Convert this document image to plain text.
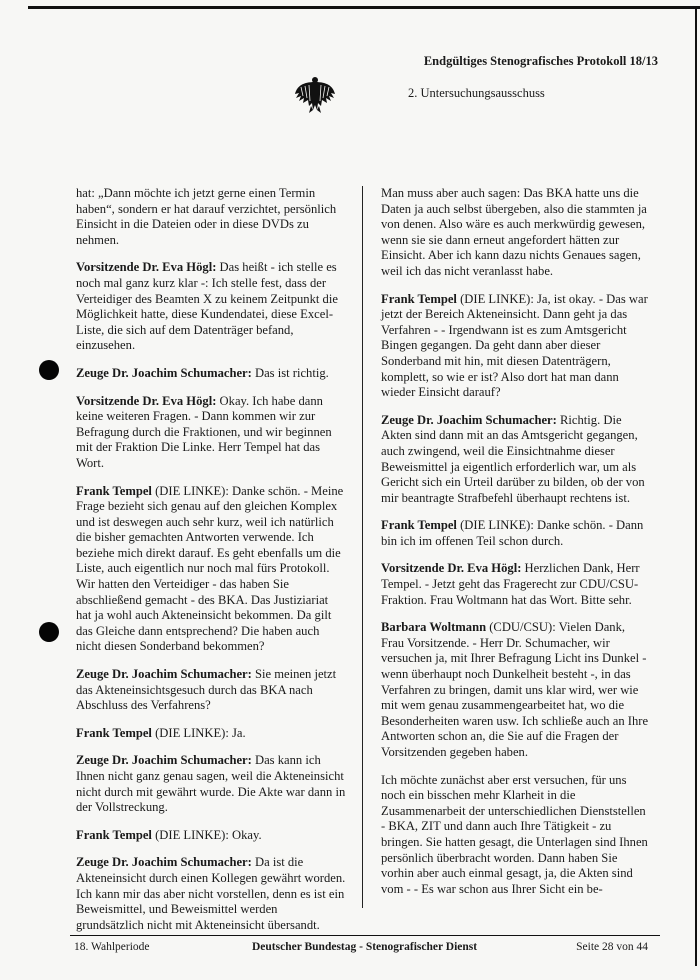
Endgültiges Stenografisches Protokoll 18/13
2. Untersuchungsausschuss

hat: „Dann möchte ich jetzt gerne einen Termin haben“, sondern er hat darauf verzichtet, persönlich Einsicht in die Dateien oder in diese DVDs zu nehmen.

Vorsitzende Dr. Eva Högl: Das heißt - ich stelle es noch mal ganz kurz klar -: Ich stelle fest, dass der Verteidiger des Beamten X zu keinem Zeitpunkt die Möglichkeit hatte, diese Kundendatei, diese Excel-Liste, die sich auf dem Datenträger befand, einzusehen.

Zeuge Dr. Joachim Schumacher: Das ist richtig.

Vorsitzende Dr. Eva Högl: Okay. Ich habe dann keine weiteren Fragen. - Dann kommen wir zur Befragung durch die Fraktionen, und wir beginnen mit der Fraktion Die Linke. Herr Tempel hat das Wort.

Frank Tempel (DIE LINKE): Danke schön. - Meine Frage bezieht sich genau auf den gleichen Komplex und ist deswegen auch sehr kurz, weil ich natürlich die bisher gemachten Antworten verwende. Ich beziehe mich direkt darauf. Es geht ebenfalls um die Liste, auch eigentlich nur noch mal fürs Protokoll. Wir hatten den Verteidiger - das haben Sie abschließend gemacht - des BKA. Das Justiziariat hat ja wohl auch Akteneinsicht bekommen. Da gilt das Gleiche dann entsprechend? Die haben auch nicht diesen Sonderband bekommen?

Zeuge Dr. Joachim Schumacher: Sie meinen jetzt das Akteneinsichtsgesuch durch das BKA nach Abschluss des Verfahrens?

Frank Tempel (DIE LINKE): Ja.

Zeuge Dr. Joachim Schumacher: Das kann ich Ihnen nicht ganz genau sagen, weil die Akteneinsicht nicht durch mit gewährt wurde. Die Akte war dann in der Vollstreckung.

Frank Tempel (DIE LINKE): Okay.

Zeuge Dr. Joachim Schumacher: Da ist die Akteneinsicht durch einen Kollegen gewährt worden. Ich kann mir das aber nicht vorstellen, denn es ist ein Beweismittel, und Beweismittel werden grundsätzlich nicht mit Akteneinsicht übersandt.

Man muss aber auch sagen: Das BKA hatte uns die Daten ja auch selbst übergeben, also die stammten ja von denen. Also wäre es auch merkwürdig gewesen, wenn sie sie dann erneut angefordert hätten zur Einsicht. Aber ich kann dazu nichts Genaues sagen, weil ich das nicht veranlasst habe.

Frank Tempel (DIE LINKE): Ja, ist okay. - Das war jetzt der Bereich Akteneinsicht. Dann geht ja das Verfahren - - Irgendwann ist es zum Amtsgericht Bingen gegangen. Da geht dann aber dieser Sonderband mit hin, mit diesen Datenträgern, komplett, so wie er ist? Also dort hat man dann wieder Einsicht darauf?

Zeuge Dr. Joachim Schumacher: Richtig. Die Akten sind dann mit an das Amtsgericht gegangen, auch zwingend, weil die Einsichtnahme dieser Beweismittel ja eigentlich erforderlich war, um als Gericht sich ein Urteil darüber zu bilden, ob der von mir beantragte Strafbefehl überhaupt rechtens ist.

Frank Tempel (DIE LINKE): Danke schön. - Dann bin ich im offenen Teil schon durch.

Vorsitzende Dr. Eva Högl: Herzlichen Dank, Herr Tempel. - Jetzt geht das Fragerecht zur CDU/CSU-Fraktion. Frau Woltmann hat das Wort. Bitte sehr.

Barbara Woltmann (CDU/CSU): Vielen Dank, Frau Vorsitzende. - Herr Dr. Schumacher, wir versuchen ja, mit Ihrer Befragung Licht ins Dunkel - wenn überhaupt noch Dunkelheit besteht -, in das Verfahren zu bringen, damit uns klar wird, wer wie mit wem genau zusammengearbeitet hat, wo die Besonderheiten waren usw. Ich schließe auch an Ihre Antworten schon an, die Sie auf die Fragen der Vorsitzenden gegeben haben.

Ich möchte zunächst aber erst versuchen, für uns noch ein bisschen mehr Klarheit in die Zusammenarbeit der unterschiedlichen Dienststellen - BKA, ZIT und dann auch Ihre Tätigkeit - zu bringen. Sie hatten gesagt, die Unterlagen sind Ihnen persönlich überbracht worden. Dann haben Sie vorhin aber auch einmal gesagt, ja, die Akten sind vom - - Es war schon aus Ihrer Sicht ein be-

18. Wahlperiode	Deutscher Bundestag - Stenografischer Dienst	Seite 28 von 44
